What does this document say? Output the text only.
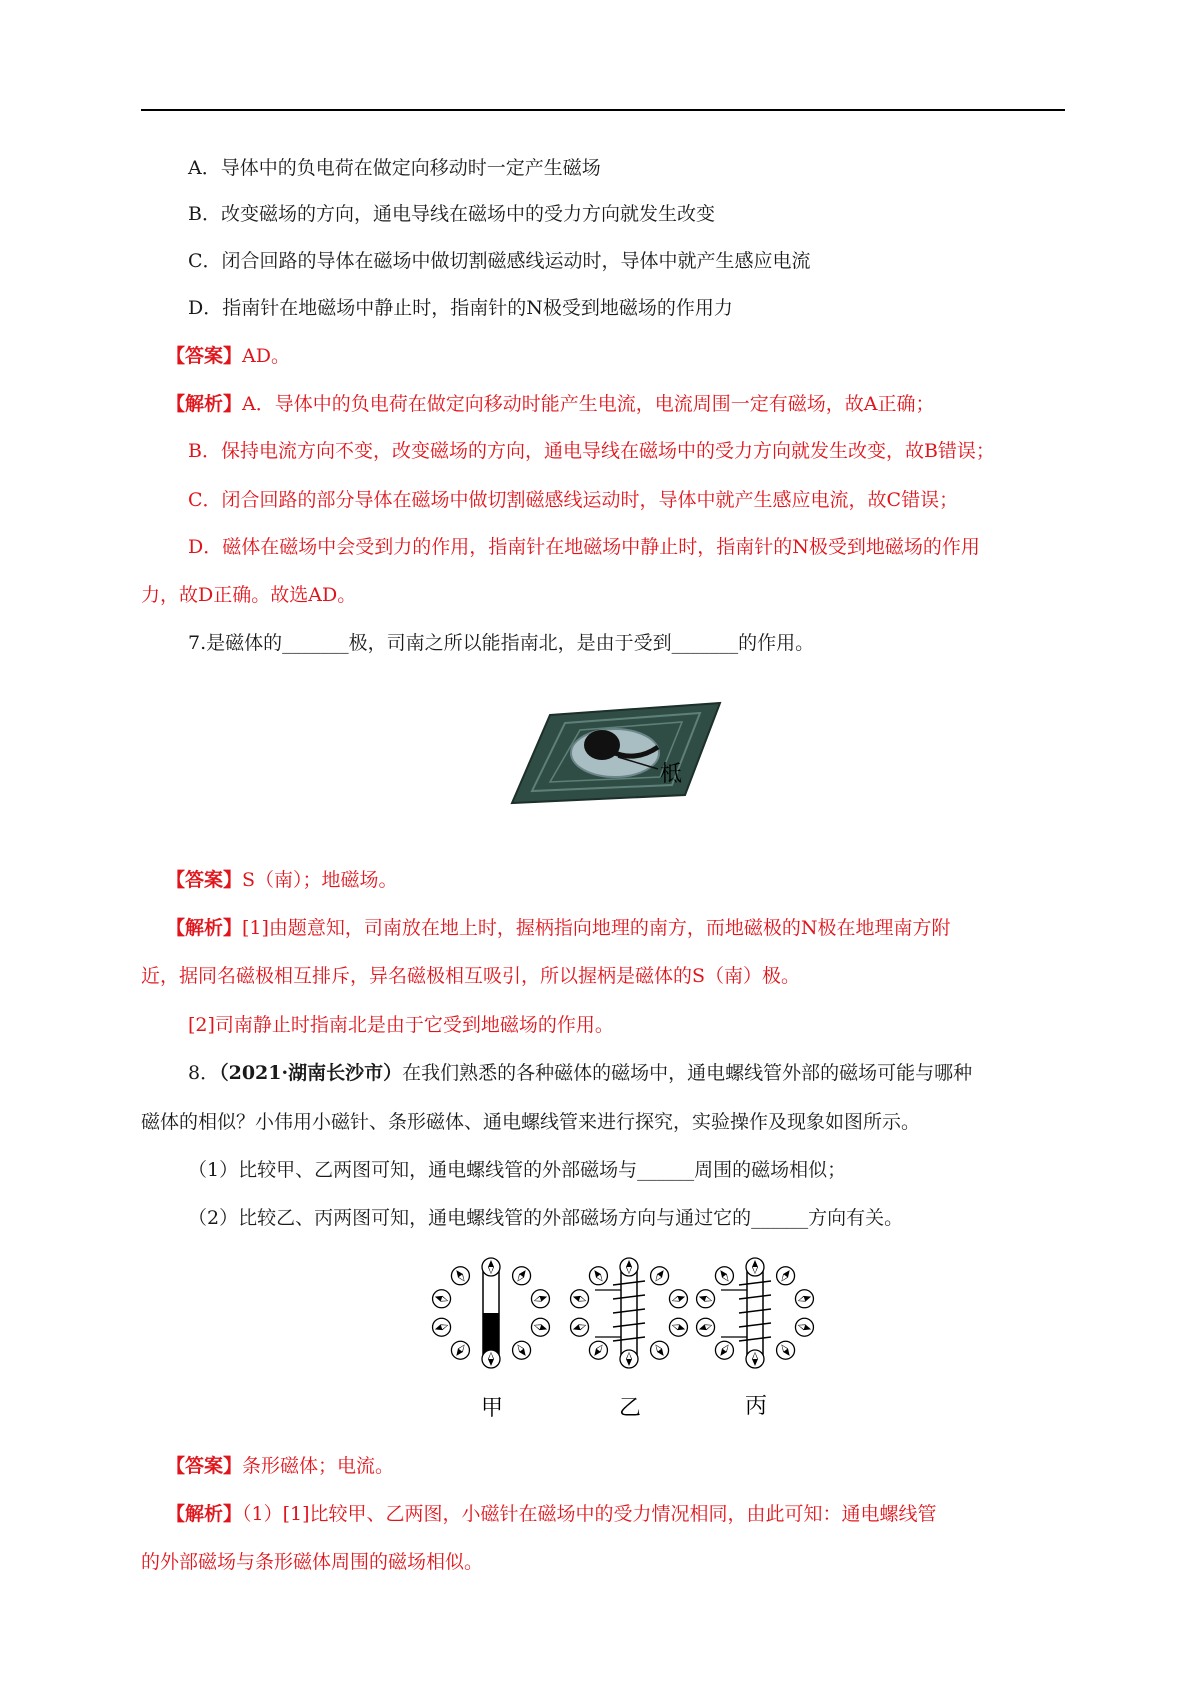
A．导体中的负电荷在做定向移动时一定产生磁场
B．改变磁场的方向，通电导线在磁场中的受力方向就发生改变
C．闭合回路的导体在磁场中做切割磁感线运动时，导体中就产生感应电流
D．指南针在地磁场中静止时，指南针的N极受到地磁场的作用力
【答案】AD。
【解析】A．导体中的负电荷在做定向移动时能产生电流，电流周围一定有磁场，故A正确；
B．保持电流方向不变，改变磁场的方向，通电导线在磁场中的受力方向就发生改变，故B错误；
C．闭合回路的部分导体在磁场中做切割磁感线运动时，导体中就产生感应电流，故C错误；
D．磁体在磁场中会受到力的作用，指南针在地磁场中静止时，指南针的N极受到地磁场的作用
力，故D正确。故选AD。
7.是磁体的_______极，司南之所以能指南北，是由于受到_______的作用。
柢
【答案】S（南）；地磁场。
【解析】[1]由题意知，司南放在地上时，握柄指向地理的南方，而地磁极的N极在地理南方附
近，据同名磁极相互排斥，异名磁极相互吸引，所以握柄是磁体的S（南）极。
[2]司南静止时指南北是由于它受到地磁场的作用。
8．（2021·湖南长沙市）在我们熟悉的各种磁体的磁场中，通电螺线管外部的磁场可能与哪种
磁体的相似？小伟用小磁针、条形磁体、通电螺线管来进行探究，实验操作及现象如图所示。
（1）比较甲、乙两图可知，通电螺线管的外部磁场与______周围的磁场相似；
（2）比较乙、丙两图可知，通电螺线管的外部磁场方向与通过它的______方向有关。
甲	乙	丙
【答案】条形磁体；电流。
【解析】（1）[1]比较甲、乙两图，小磁针在磁场中的受力情况相同，由此可知：通电螺线管
的外部磁场与条形磁体周围的磁场相似。
